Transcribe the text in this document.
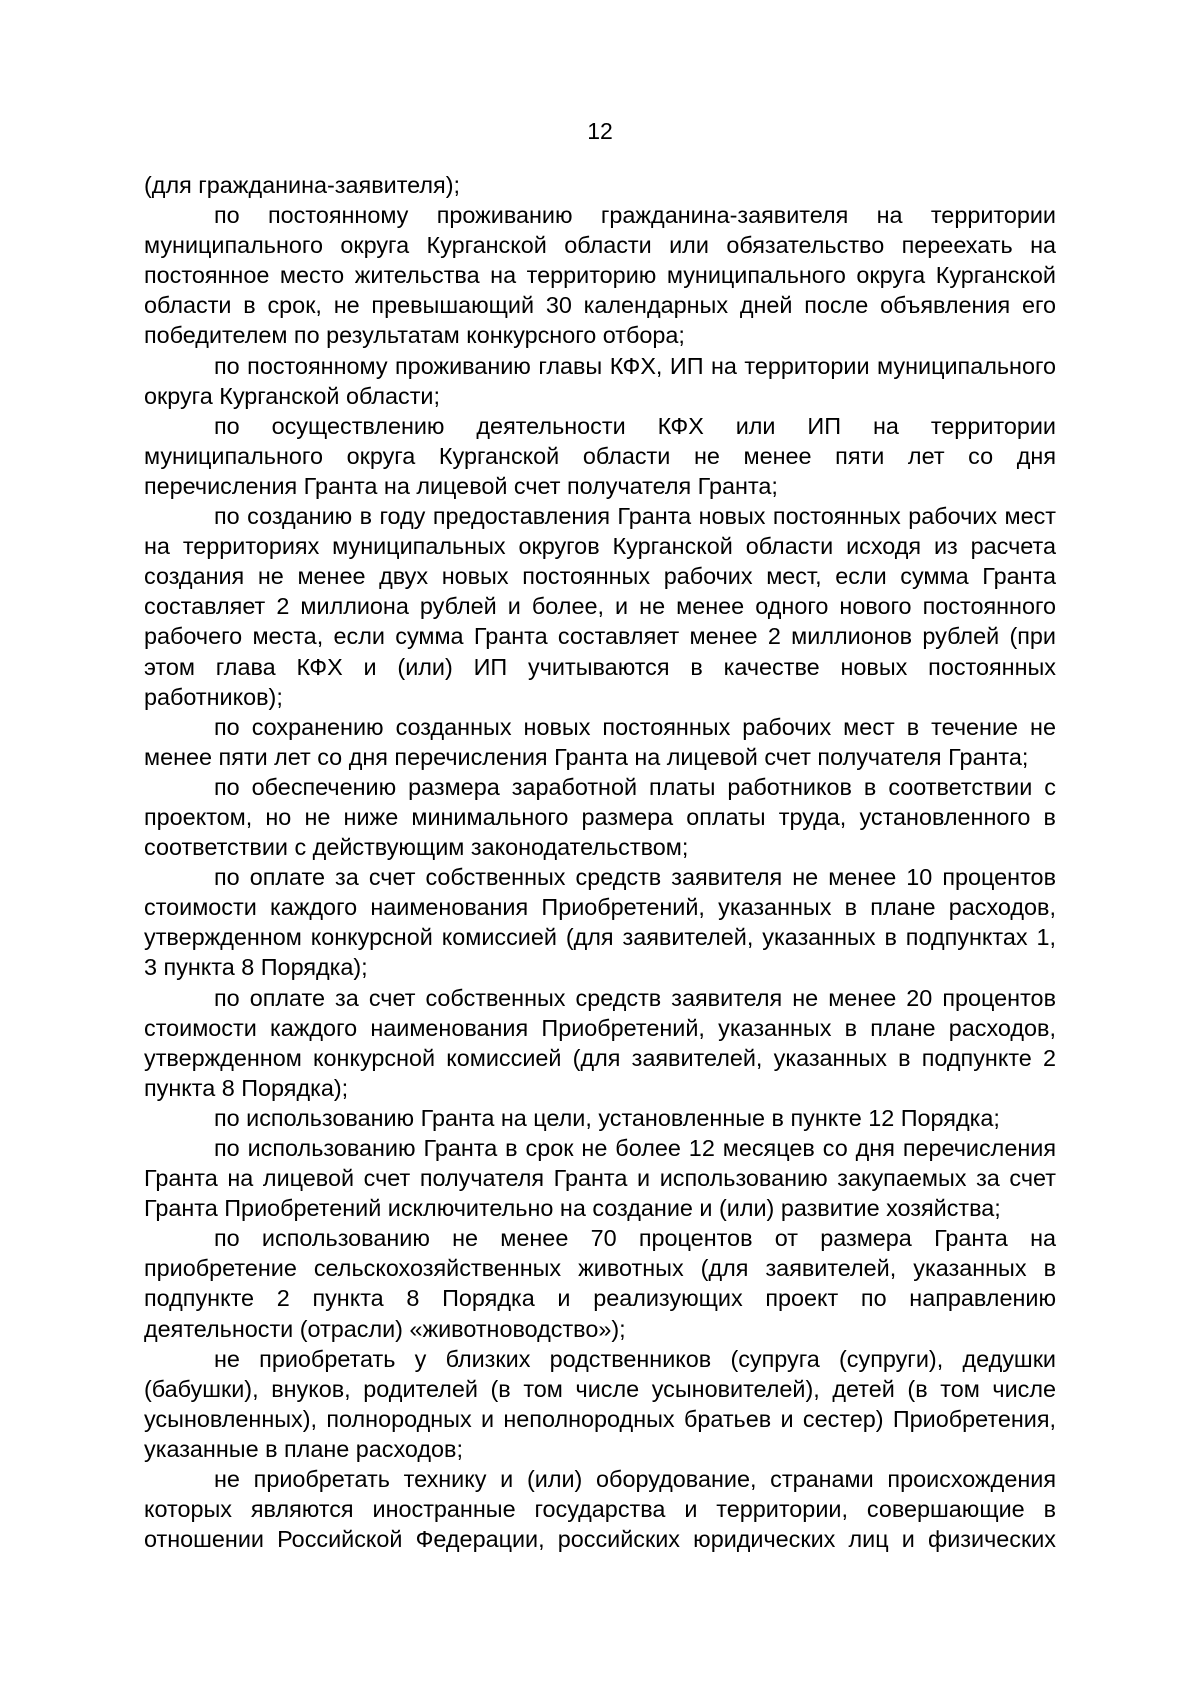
12

(для гражданина-заявителя);

по постоянному проживанию гражданина-заявителя на территории муниципального округа Курганской области или обязательство переехать на постоянное место жительства на территорию муниципального округа Курганской области в срок, не превышающий 30 календарных дней после объявления его победителем по результатам конкурсного отбора;

по постоянному проживанию главы КФХ, ИП на территории муниципального округа Курганской области;

по осуществлению деятельности КФХ или ИП на территории муниципального округа Курганской области не менее пяти лет со дня перечисления Гранта на лицевой счет получателя Гранта;

по созданию в году предоставления Гранта новых постоянных рабочих мест на территориях муниципальных округов Курганской области исходя из расчета создания не менее двух новых постоянных рабочих мест, если сумма Гранта составляет 2 миллиона рублей и более, и не менее одного нового постоянного рабочего места, если сумма Гранта составляет менее 2 миллионов рублей (при этом глава КФХ и (или) ИП учитываются в качестве новых постоянных работников);

по сохранению созданных новых постоянных рабочих мест в течение не менее пяти лет со дня перечисления Гранта на лицевой счет получателя Гранта;

по обеспечению размера заработной платы работников в соответствии с проектом, но не ниже минимального размера оплаты труда, установленного в соответствии с действующим законодательством;

по оплате за счет собственных средств заявителя не менее 10 процентов стоимости каждого наименования Приобретений, указанных в плане расходов, утвержденном конкурсной комиссией (для заявителей, указанных в подпунктах 1, 3 пункта 8 Порядка);

по оплате за счет собственных средств заявителя не менее 20 процентов стоимости каждого наименования Приобретений, указанных в плане расходов, утвержденном конкурсной комиссией (для заявителей, указанных в подпункте 2 пункта 8 Порядка);

по использованию Гранта на цели, установленные в пункте 12 Порядка;

по использованию Гранта в срок не более 12 месяцев со дня перечисления Гранта на лицевой счет получателя Гранта и использованию закупаемых за счет Гранта Приобретений исключительно на создание и (или) развитие хозяйства;

по использованию не менее 70 процентов от размера Гранта на приобретение сельскохозяйственных животных (для заявителей, указанных в подпункте 2 пункта 8 Порядка и реализующих проект по направлению деятельности (отрасли) «животноводство»);

не приобретать у близких родственников (супруга (супруги), дедушки (бабушки), внуков, родителей (в том числе усыновителей), детей (в том числе усыновленных), полнородных и неполнородных братьев и сестер) Приобретения, указанные в плане расходов;

не приобретать технику и (или) оборудование, странами происхождения которых являются иностранные государства и территории, совершающие в отношении Российской Федерации, российских юридических лиц и физических
